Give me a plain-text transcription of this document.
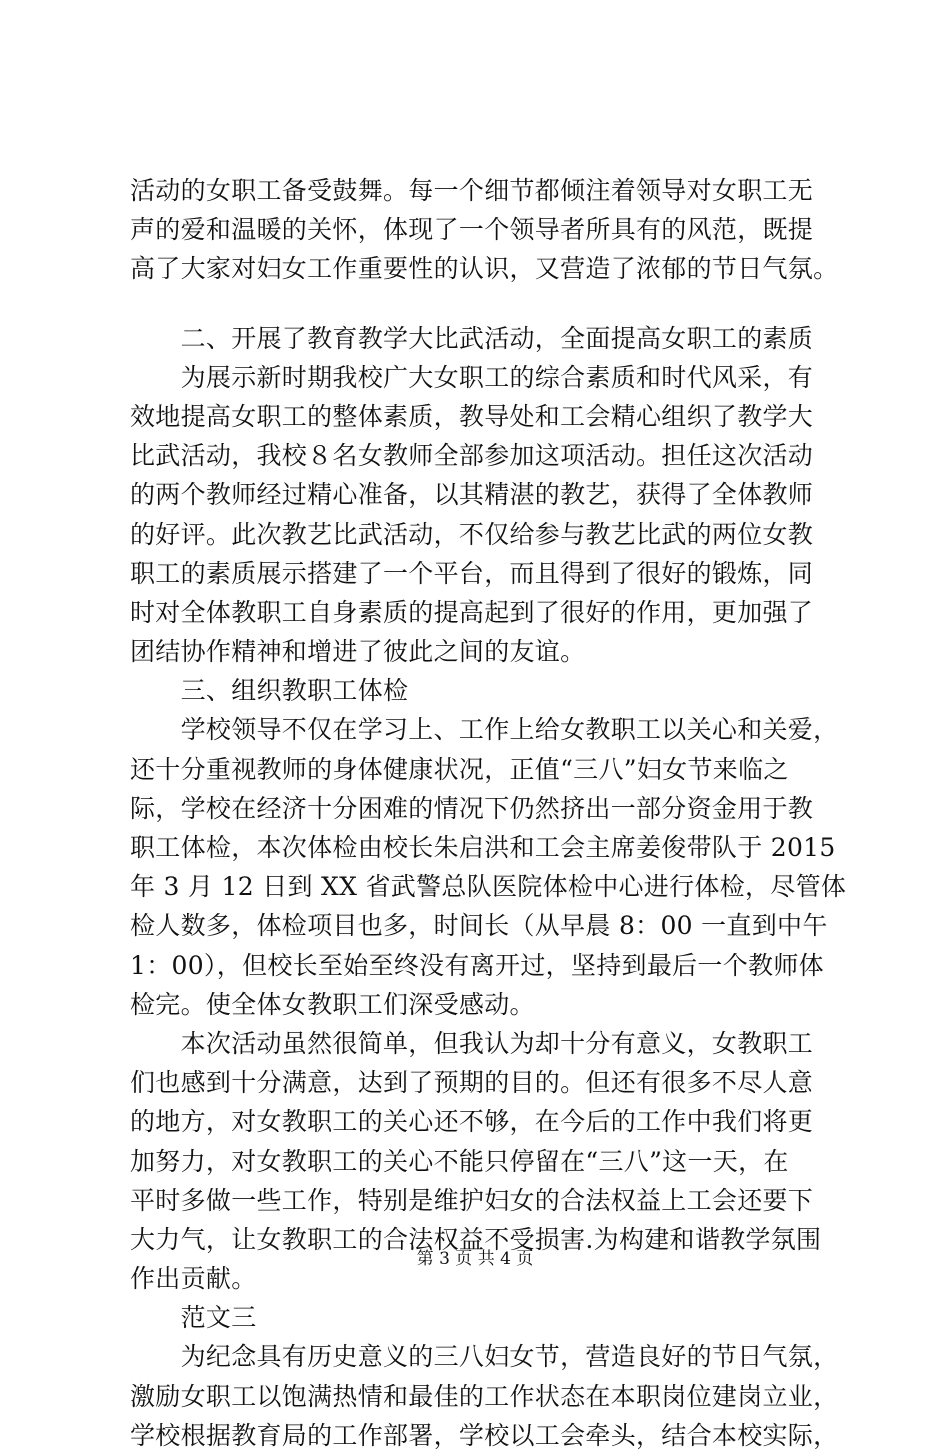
活动的女职工备受鼓舞。每一个细节都倾注着领导对女职工无
声的爱和温暖的关怀，体现了一个领导者所具有的风范，既提
高了大家对妇女工作重要性的认识，又营造了浓郁的节日气氛。
　　二、开展了教育教学大比武活动，全面提高女职工的素质
　　为展示新时期我校广大女职工的综合素质和时代风采，有
效地提高女职工的整体素质，教导处和工会精心组织了教学大
比武活动，我校８名女教师全部参加这项活动。担任这次活动
的两个教师经过精心准备，以其精湛的教艺，获得了全体教师
的好评。此次教艺比武活动，不仅给参与教艺比武的两位女教
职工的素质展示搭建了一个平台，而且得到了很好的锻炼，同
时对全体教职工自身素质的提高起到了很好的作用，更加强了
团结协作精神和增进了彼此之间的友谊。
　　三、组织教职工体检
　　学校领导不仅在学习上、工作上给女教职工以关心和关爱，
还十分重视教师的身体健康状况，正值“三八”妇女节来临之
际，学校在经济十分困难的情况下仍然挤出一部分资金用于教
职工体检，本次体检由校长朱启洪和工会主席姜俊带队于 2015
年 3 月 12 日到 XX 省武警总队医院体检中心进行体检，尽管体
检人数多，体检项目也多，时间长（从早晨 8：00 一直到中午
1：00），但校长至始至终没有离开过，坚持到最后一个教师体
检完。使全体女教职工们深受感动。
　　本次活动虽然很简单，但我认为却十分有意义，女教职工
们也感到十分满意，达到了预期的目的。但还有很多不尽人意
的地方，对女教职工的关心还不够，在今后的工作中我们将更
加努力，对女教职工的关心不能只停留在“三八”这一天，在
平时多做一些工作，特别是维护妇女的合法权益上工会还要下
大力气，让女教职工的合法权益不受损害.为构建和谐教学氛围
作出贡献。
　　范文三
　　为纪念具有历史意义的三八妇女节，营造良好的节日气氛，
激励女职工以饱满热情和最佳的工作状态在本职岗位建岗立业，
学校根据教育局的工作部署，学校以工会牵头，结合本校实际，
第 3 页 共 4 页
